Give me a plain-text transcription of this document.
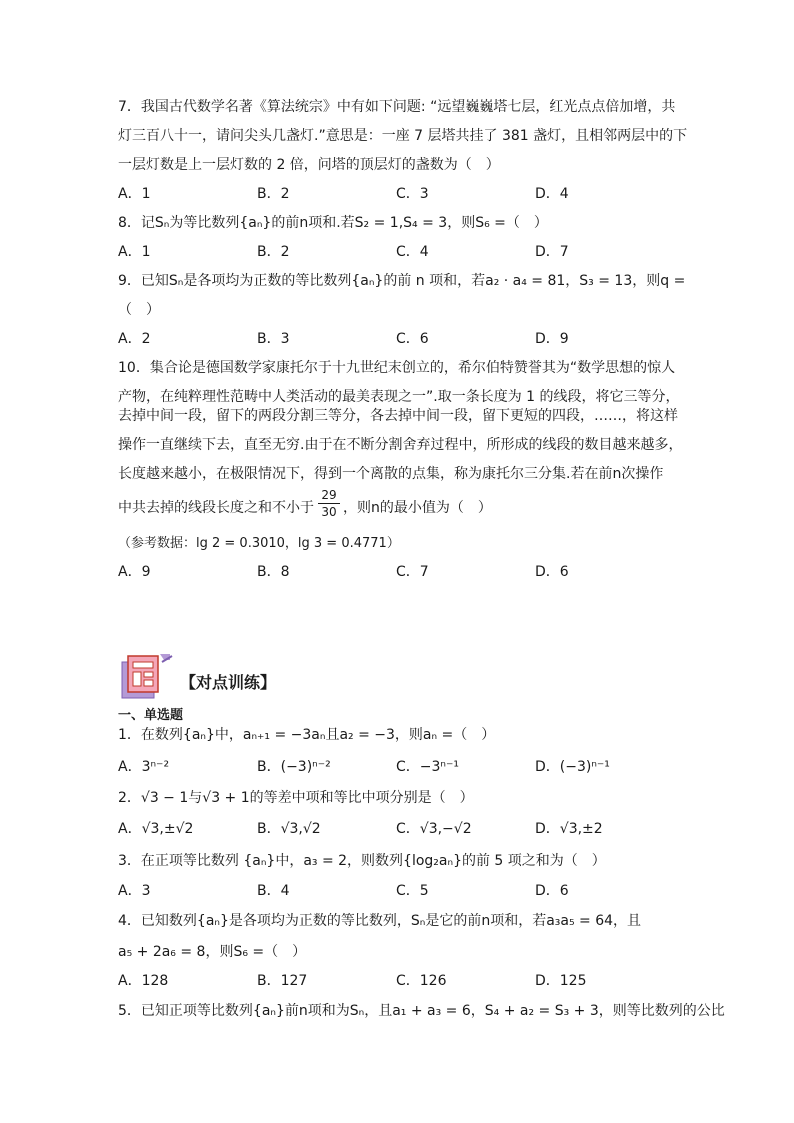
7．我国古代数学名著《算法统宗》中有如下问题: “远望巍巍塔七层，红光点点倍加增，共
灯三百八十一，请问尖头几盏灯.”意思是：一座 7 层塔共挂了 381 盏灯，且相邻两层中的下
一层灯数是上一层灯数的 2 倍，问塔的顶层灯的盏数为（　）
A．1	B．2	C．3	D．4
8．记Sₙ为等比数列{aₙ}的前n项和.若S₂ = 1,S₄ = 3，则S₆ =（　）
A．1	B．2	C．4	D．7
9．已知Sₙ是各项均为正数的等比数列{aₙ}的前 n 项和，若a₂ · a₄ = 81，S₃ = 13，则q =
（　）
A．2	B．3	C．6	D．9
10．集合论是德国数学家康托尔于十九世纪末创立的，希尔伯特赞誉其为“数学思想的惊人
产物，在纯粹理性范畴中人类活动的最美表现之一”.取一条长度为 1 的线段，将它三等分，
去掉中间一段，留下的两段分割三等分，各去掉中间一段，留下更短的四段，……，将这样
操作一直继续下去，直至无穷.由于在不断分割舍弃过程中，所形成的线段的数目越来越多，
长度越来越小，在极限情况下，得到一个离散的点集，称为康托尔三分集.若在前n次操作
中共去掉的线段长度之和不小于 $\frac{29}{30}$ ，则n的最小值为（　）
（参考数据：lg 2 = 0.3010，lg 3 = 0.4771）
A．9	B．8	C．7	D．6
【对点训练】
一、单选题
1．在数列{aₙ}中，aₙ₊₁ = −3aₙ且a₂ = −3，则aₙ =（　）
A．3ⁿ⁻²	B．(−3)ⁿ⁻²	C．−3ⁿ⁻¹	D．(−3)ⁿ⁻¹
2．√3 − 1与√3 + 1的等差中项和等比中项分别是（　）
A．√3,±√2	B．√3,√2	C．√3,−√2	D．√3,±2
3．在正项等比数列 {aₙ}中，a₃ = 2，则数列{log₂aₙ}的前 5 项之和为（　）
A．3	B．4	C．5	D．6
4．已知数列{aₙ}是各项均为正数的等比数列，Sₙ是它的前n项和，若a₃a₅ = 64，且
a₅ + 2a₆ = 8，则S₆ =（　）
A．128	B．127	C．126	D．125
5．已知正项等比数列{aₙ}前n项和为Sₙ，且a₁ + a₃ = 6，S₄ + a₂ = S₃ + 3，则等比数列的公比
